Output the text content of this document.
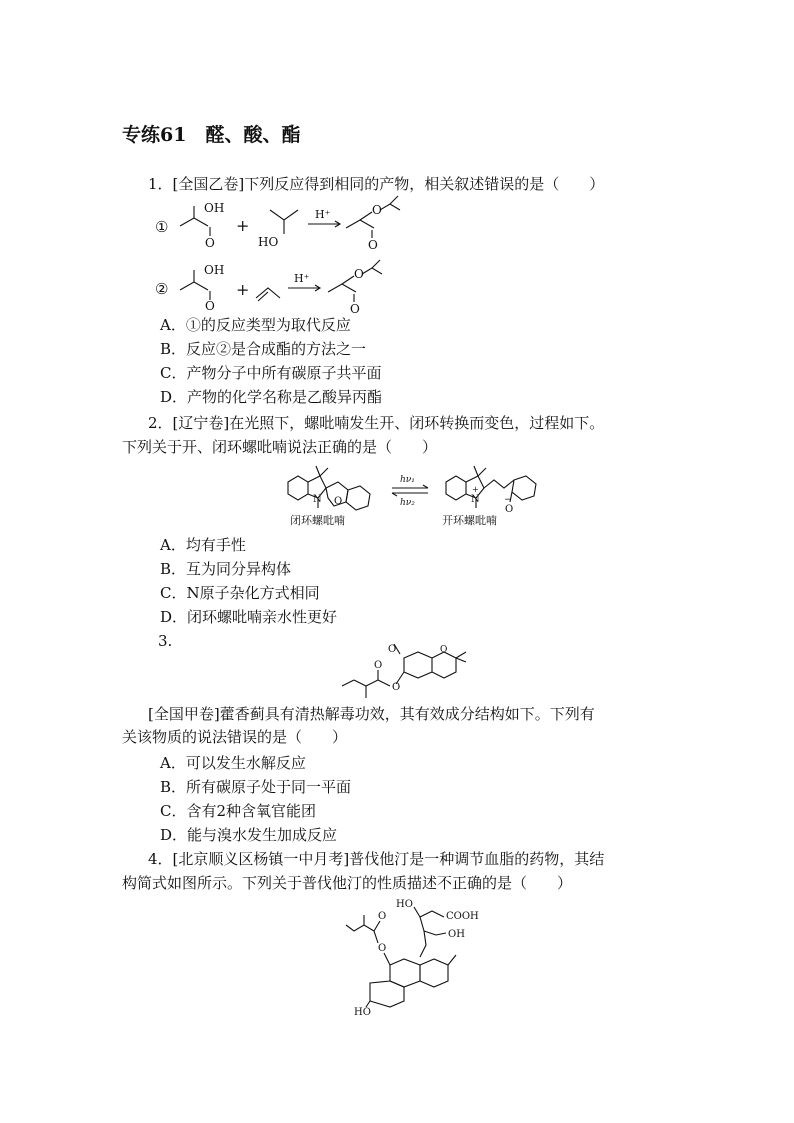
专练61　醛、酸、酯
1．[全国乙卷]下列反应得到相同的产物，相关叙述错误的是（　　）
①
OH
O
+
HO
H⁺	O
O
②
OH
O
+
H⁺	O
O
A．①的反应类型为取代反应
B．反应②是合成酯的方法之一
C．产物分子中所有碳原子共平面
D．产物的化学名称是乙酸异丙酯
2．[辽宁卷]在光照下，螺吡喃发生开、闭环转换而变色，过程如下。
下列关于开、闭环螺吡喃说法正确的是（　　）
N O
闭环螺吡喃
hν₁
hν₂	N
+
O
−
开环螺吡喃
A．均有手性
B．互为同分异构体
C．N原子杂化方式相同
D．闭环螺吡喃亲水性更好
3.	O	O
O
O
[全国甲卷]藿香蓟具有清热解毒功效，其有效成分结构如下。下列有
关该物质的说法错误的是（　　）
A．可以发生水解反应
B．所有碳原子处于同一平面
C．含有2种含氧官能团
D．能与溴水发生加成反应
4．[北京顺义区杨镇一中月考]普伐他汀是一种调节血脂的药物，其结
构简式如图所示。下列关于普伐他汀的性质描述不正确的是（　　）
HO
COOH
OH
HO
O
O
